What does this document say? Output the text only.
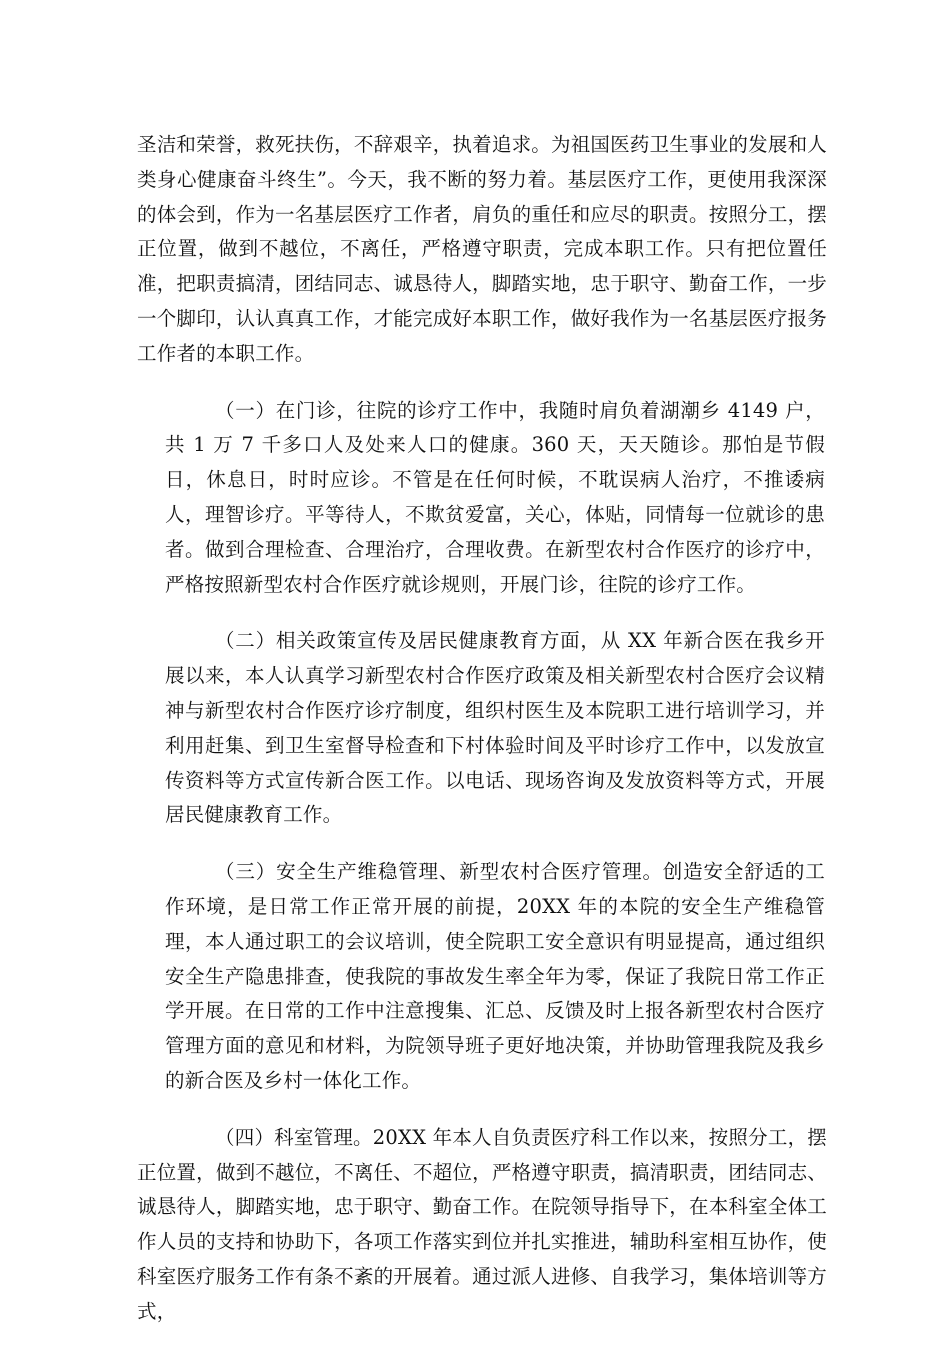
圣洁和荣誉，救死扶伤，不辞艰辛，执着追求。为祖国医药卫生事业的发展和人类身心健康奋斗终生”。今天，我不断的努力着。基层医疗工作，更使用我深深的体会到，作为一名基层医疗工作者，肩负的重任和应尽的职责。按照分工，摆正位置，做到不越位，不离任，严格遵守职责，完成本职工作。只有把位置任准，把职责搞清，团结同志、诚恳待人，脚踏实地，忠于职守、勤奋工作，一步一个脚印，认认真真工作，才能完成好本职工作，做好我作为一名基层医疗报务工作者的本职工作。

（一）在门诊，往院的诊疗工作中，我随时肩负着湖潮乡 4149 户，共 1 万 7 千多口人及处来人口的健康。360 天，天天随诊。那怕是节假日，休息日，时时应诊。不管是在任何时候，不耽误病人治疗，不推诿病人，理智诊疗。平等待人，不欺贫爱富，关心，体贴，同情每一位就诊的患者。做到合理检查、合理治疗，合理收费。在新型农村合作医疗的诊疗中，严格按照新型农村合作医疗就诊规则，开展门诊，往院的诊疗工作。

（二）相关政策宣传及居民健康教育方面，从 XX 年新合医在我乡开展以来，本人认真学习新型农村合作医疗政策及相关新型农村合医疗会议精神与新型农村合作医疗诊疗制度，组织村医生及本院职工进行培训学习，并利用赶集、到卫生室督导检查和下村体验时间及平时诊疗工作中，以发放宣传资料等方式宣传新合医工作。以电话、现场咨询及发放资料等方式，开展居民健康教育工作。

（三）安全生产维稳管理、新型农村合医疗管理。创造安全舒适的工作环境，是日常工作正常开展的前提，20XX 年的本院的安全生产维稳管理，本人通过职工的会议培训，使全院职工安全意识有明显提高，通过组织安全生产隐患排查，使我院的事故发生率全年为零，保证了我院日常工作正学开展。在日常的工作中注意搜集、汇总、反馈及时上报各新型农村合医疗管理方面的意见和材料，为院领导班子更好地决策，并协助管理我院及我乡的新合医及乡村一体化工作。

（四）科室管理。20XX 年本人自负责医疗科工作以来，按照分工，摆正位置，做到不越位，不离任、不超位，严格遵守职责，搞清职责，团结同志、诚恳待人，脚踏实地，忠于职守、勤奋工作。在院领导指导下，在本科室全体工作人员的支持和协助下，各项工作落实到位并扎实推进，辅助科室相互协作，使科室医疗服务工作有条不紊的开展着。通过派人进修、自我学习，集体培训等方式，
